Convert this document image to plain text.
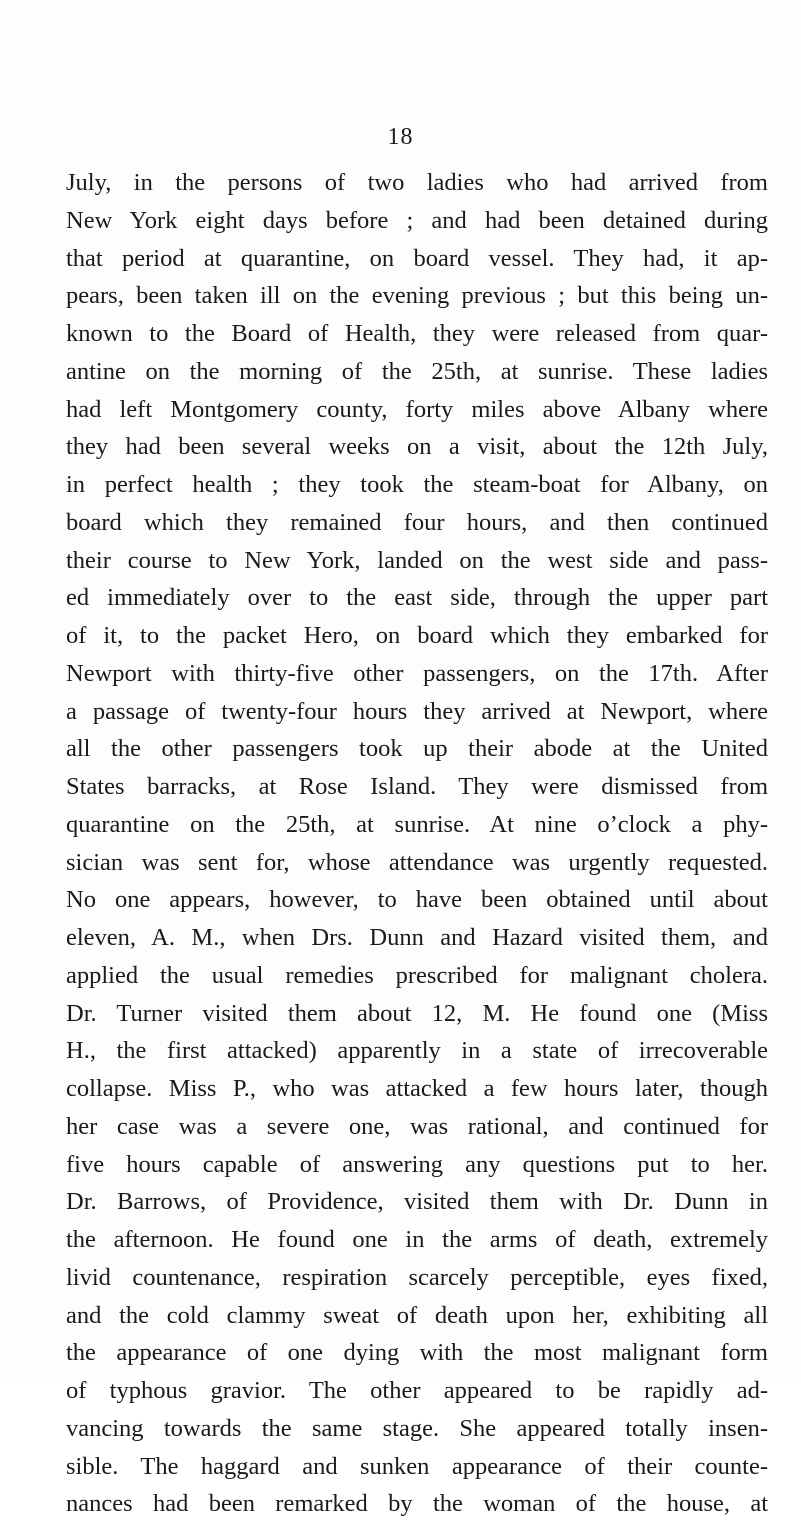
18
July, in the persons of two ladies who had arrived from
New York eight days before ; and had been detained during
that period at quarantine, on board vessel. They had, it ap-
pears, been taken ill on the evening previous ; but this being un-
known to the Board of Health, they were released from quar-
antine on the morning of the 25th, at sunrise. These ladies
had left Montgomery county, forty miles above Albany where
they had been several weeks on a visit, about the 12th July,
in perfect health ; they took the steam-boat for Albany, on
board which they remained four hours, and then continued
their course to New York, landed on the west side and pass-
ed immediately over to the east side, through the upper part
of it, to the packet Hero, on board which they embarked for
Newport with thirty-five other passengers, on the 17th. After
a passage of twenty-four hours they arrived at Newport, where
all the other passengers took up their abode at the United
States barracks, at Rose Island. They were dismissed from
quarantine on the 25th, at sunrise. At nine o’clock a phy-
sician was sent for, whose attendance was urgently requested.
No one appears, however, to have been obtained until about
eleven, A. M., when Drs. Dunn and Hazard visited them, and
applied the usual remedies prescribed for malignant cholera.
Dr. Turner visited them about 12, M. He found one (Miss
H., the first attacked) apparently in a state of irrecoverable
collapse. Miss P., who was attacked a few hours later, though
her case was a severe one, was rational, and continued for
five hours capable of answering any questions put to her.
Dr. Barrows, of Providence, visited them with Dr. Dunn in
the afternoon. He found one in the arms of death, extremely
livid countenance, respiration scarcely perceptible, eyes fixed,
and the cold clammy sweat of death upon her, exhibiting all
the appearance of one dying with the most malignant form
of typhous gravior. The other appeared to be rapidly ad-
vancing towards the same stage. She appeared totally insen-
sible. The haggard and sunken appearance of their counte-
nances had been remarked by the woman of the house, at
